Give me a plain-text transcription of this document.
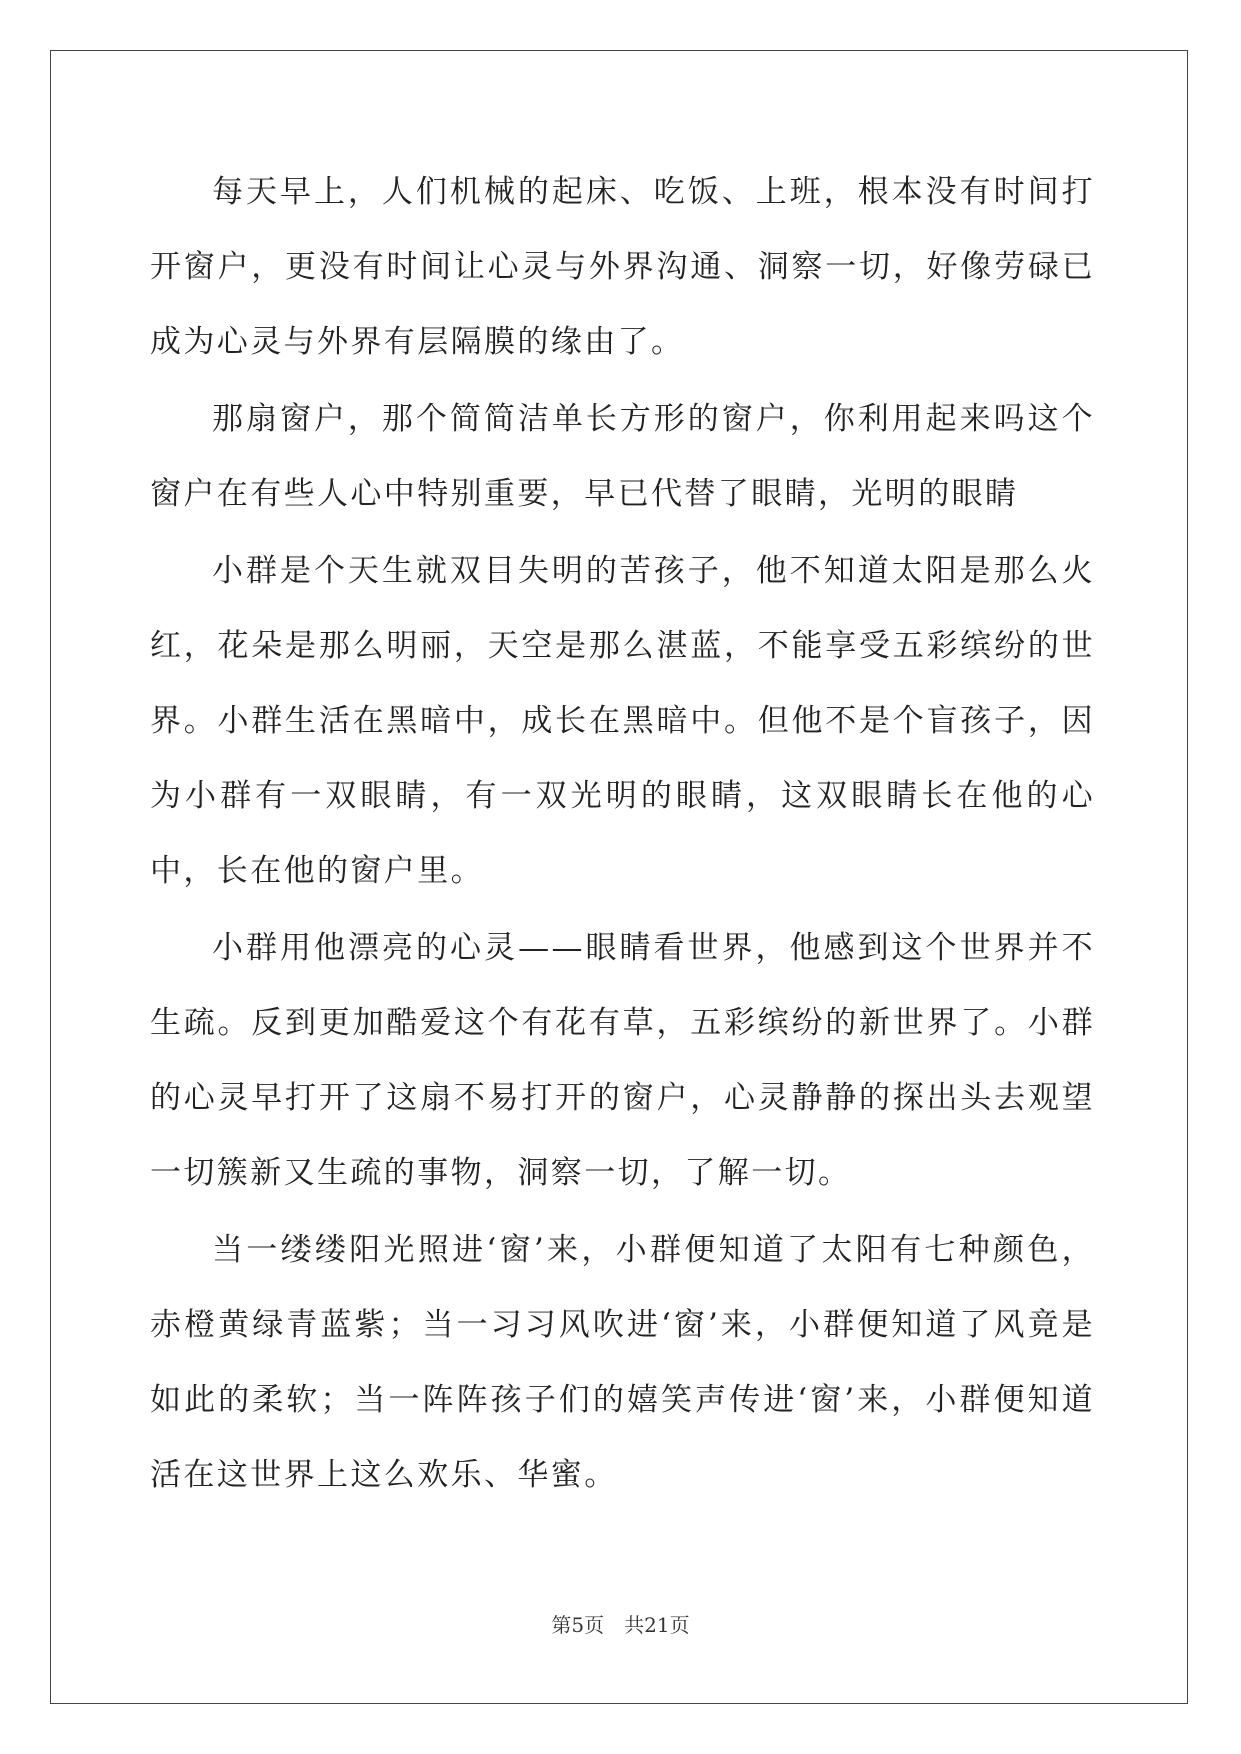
每天早上，人们机械的起床、吃饭、上班，根本没有时间打开窗户，更没有时间让心灵与外界沟通、洞察一切，好像劳碌已成为心灵与外界有层隔膜的缘由了。

那扇窗户，那个简简洁单长方形的窗户，你利用起来吗这个窗户在有些人心中特别重要，早已代替了眼睛，光明的眼睛

小群是个天生就双目失明的苦孩子，他不知道太阳是那么火红，花朵是那么明丽，天空是那么湛蓝，不能享受五彩缤纷的世界。小群生活在黑暗中，成长在黑暗中。但他不是个盲孩子，因为小群有一双眼睛，有一双光明的眼睛，这双眼睛长在他的心中，长在他的窗户里。

小群用他漂亮的心灵——眼睛看世界，他感到这个世界并不生疏。反到更加酷爱这个有花有草，五彩缤纷的新世界了。小群的心灵早打开了这扇不易打开的窗户，心灵静静的探出头去观望一切簇新又生疏的事物，洞察一切，了解一切。

当一缕缕阳光照进‘窗’来，小群便知道了太阳有七种颜色，赤橙黄绿青蓝紫；当一习习风吹进‘窗’来，小群便知道了风竟是如此的柔软；当一阵阵孩子们的嬉笑声传进‘窗’来，小群便知道活在这世界上这么欢乐、华蜜。

第5页 共21页
